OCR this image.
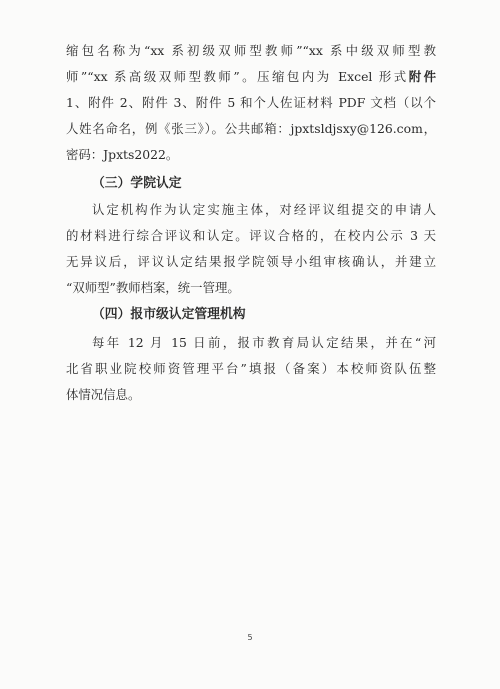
缩包名称为“xx 系初级双师型教师”“xx 系中级双师型教
师”“xx 系高级双师型教师”。压缩包内为 Excel 形式附件
1、附件 2、附件 3、附件 5 和个人佐证材料 PDF 文档（以个
人姓名命名，例《张三》）。公共邮箱：jpxtsldjsxy@126.com，
密码：Jpxts2022。
（三）学院认定
认定机构作为认定实施主体，对经评议组提交的申请人
的材料进行综合评议和认定。评议合格的，在校内公示 3 天
无异议后，评议认定结果报学院领导小组审核确认，并建立
“双师型”教师档案，统一管理。
（四）报市级认定管理机构
每年 12 月 15 日前，报市教育局认定结果，并在“河
北省职业院校师资管理平台”填报（备案）本校师资队伍整
体情况信息。
5
